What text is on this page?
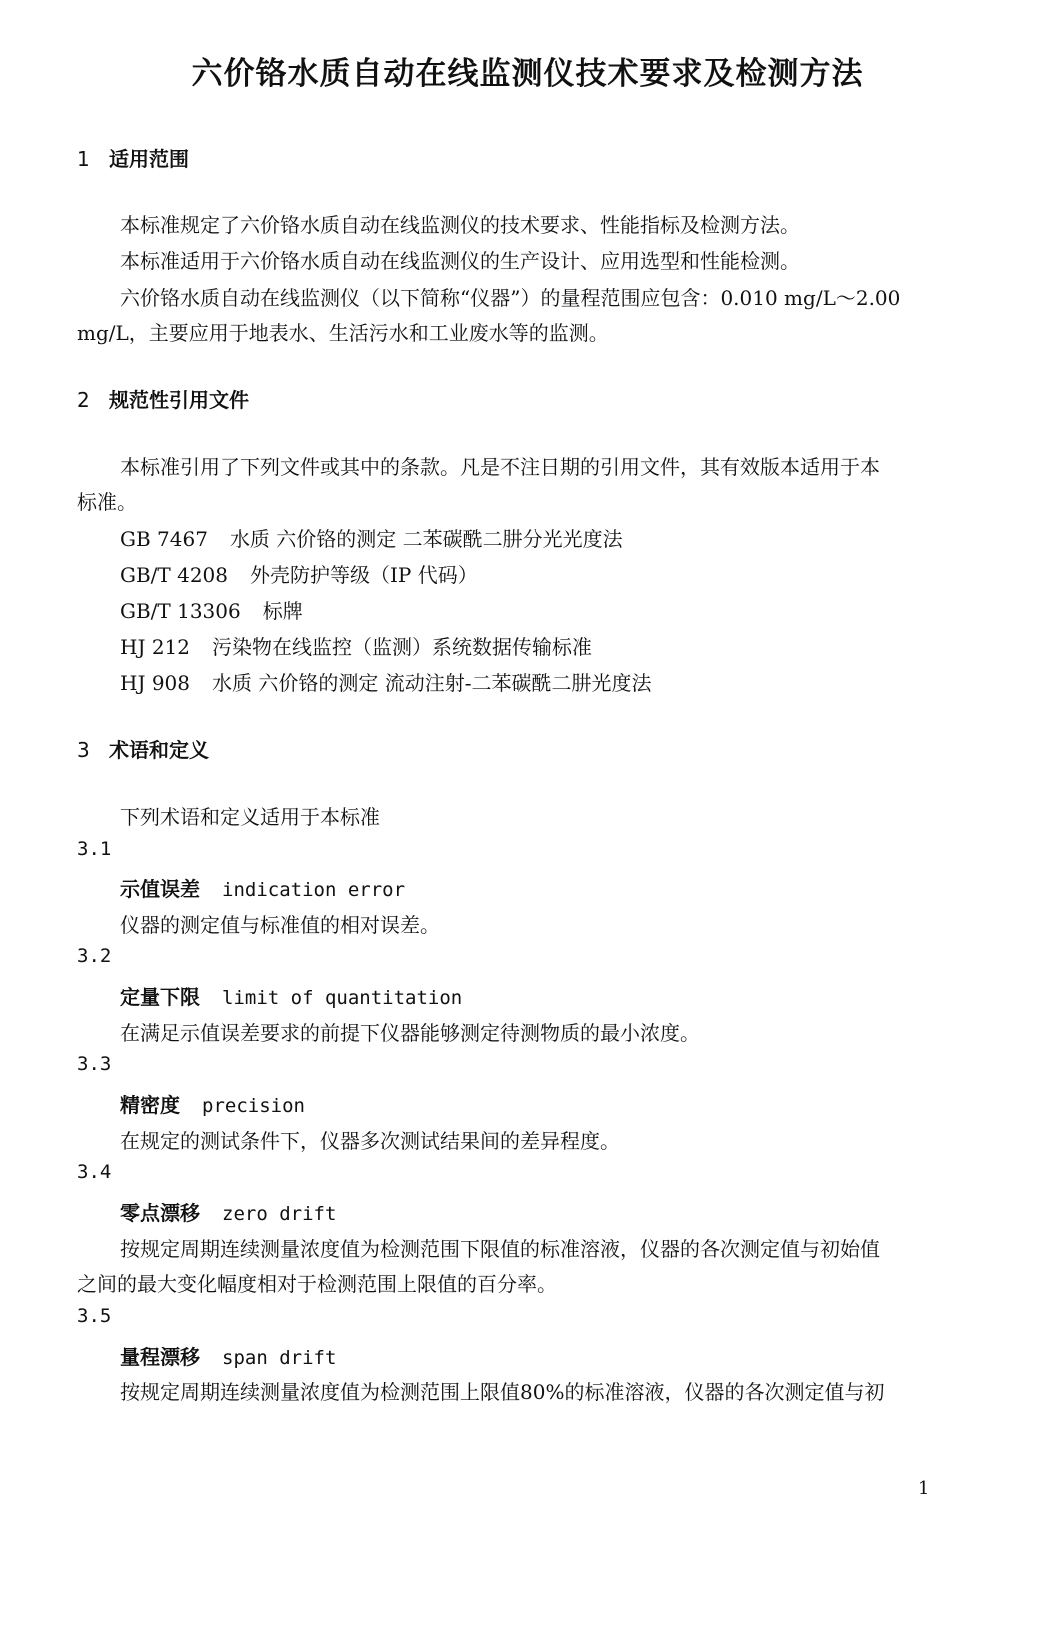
六价铬水质自动在线监测仪技术要求及检测方法
1 适用范围
本标准规定了六价铬水质自动在线监测仪的技术要求、性能指标及检测方法。
本标准适用于六价铬水质自动在线监测仪的生产设计、应用选型和性能检测。
六价铬水质自动在线监测仪（以下简称“仪器”）的量程范围应包含：0.010 mg/L～2.00
mg/L，主要应用于地表水、生活污水和工业废水等的监测。
2 规范性引用文件
本标准引用了下列文件或其中的条款。凡是不注日期的引用文件，其有效版本适用于本
标准。
GB 7467 水质 六价铬的测定 二苯碳酰二肼分光光度法
GB/T 4208 外壳防护等级（IP 代码）
GB/T 13306 标牌
HJ 212 污染物在线监控（监测）系统数据传输标准
HJ 908 水质 六价铬的测定 流动注射-二苯碳酰二肼光度法
3 术语和定义
下列术语和定义适用于本标准
3.1
示值误差 indication error
仪器的测定值与标准值的相对误差。
3.2
定量下限 limit of quantitation
在满足示值误差要求的前提下仪器能够测定待测物质的最小浓度。
3.3
精密度 precision
在规定的测试条件下，仪器多次测试结果间的差异程度。
3.4
零点漂移 zero drift
按规定周期连续测量浓度值为检测范围下限值的标准溶液，仪器的各次测定值与初始值
之间的最大变化幅度相对于检测范围上限值的百分率。
3.5
量程漂移 span drift
按规定周期连续测量浓度值为检测范围上限值80%的标准溶液，仪器的各次测定值与初
1
